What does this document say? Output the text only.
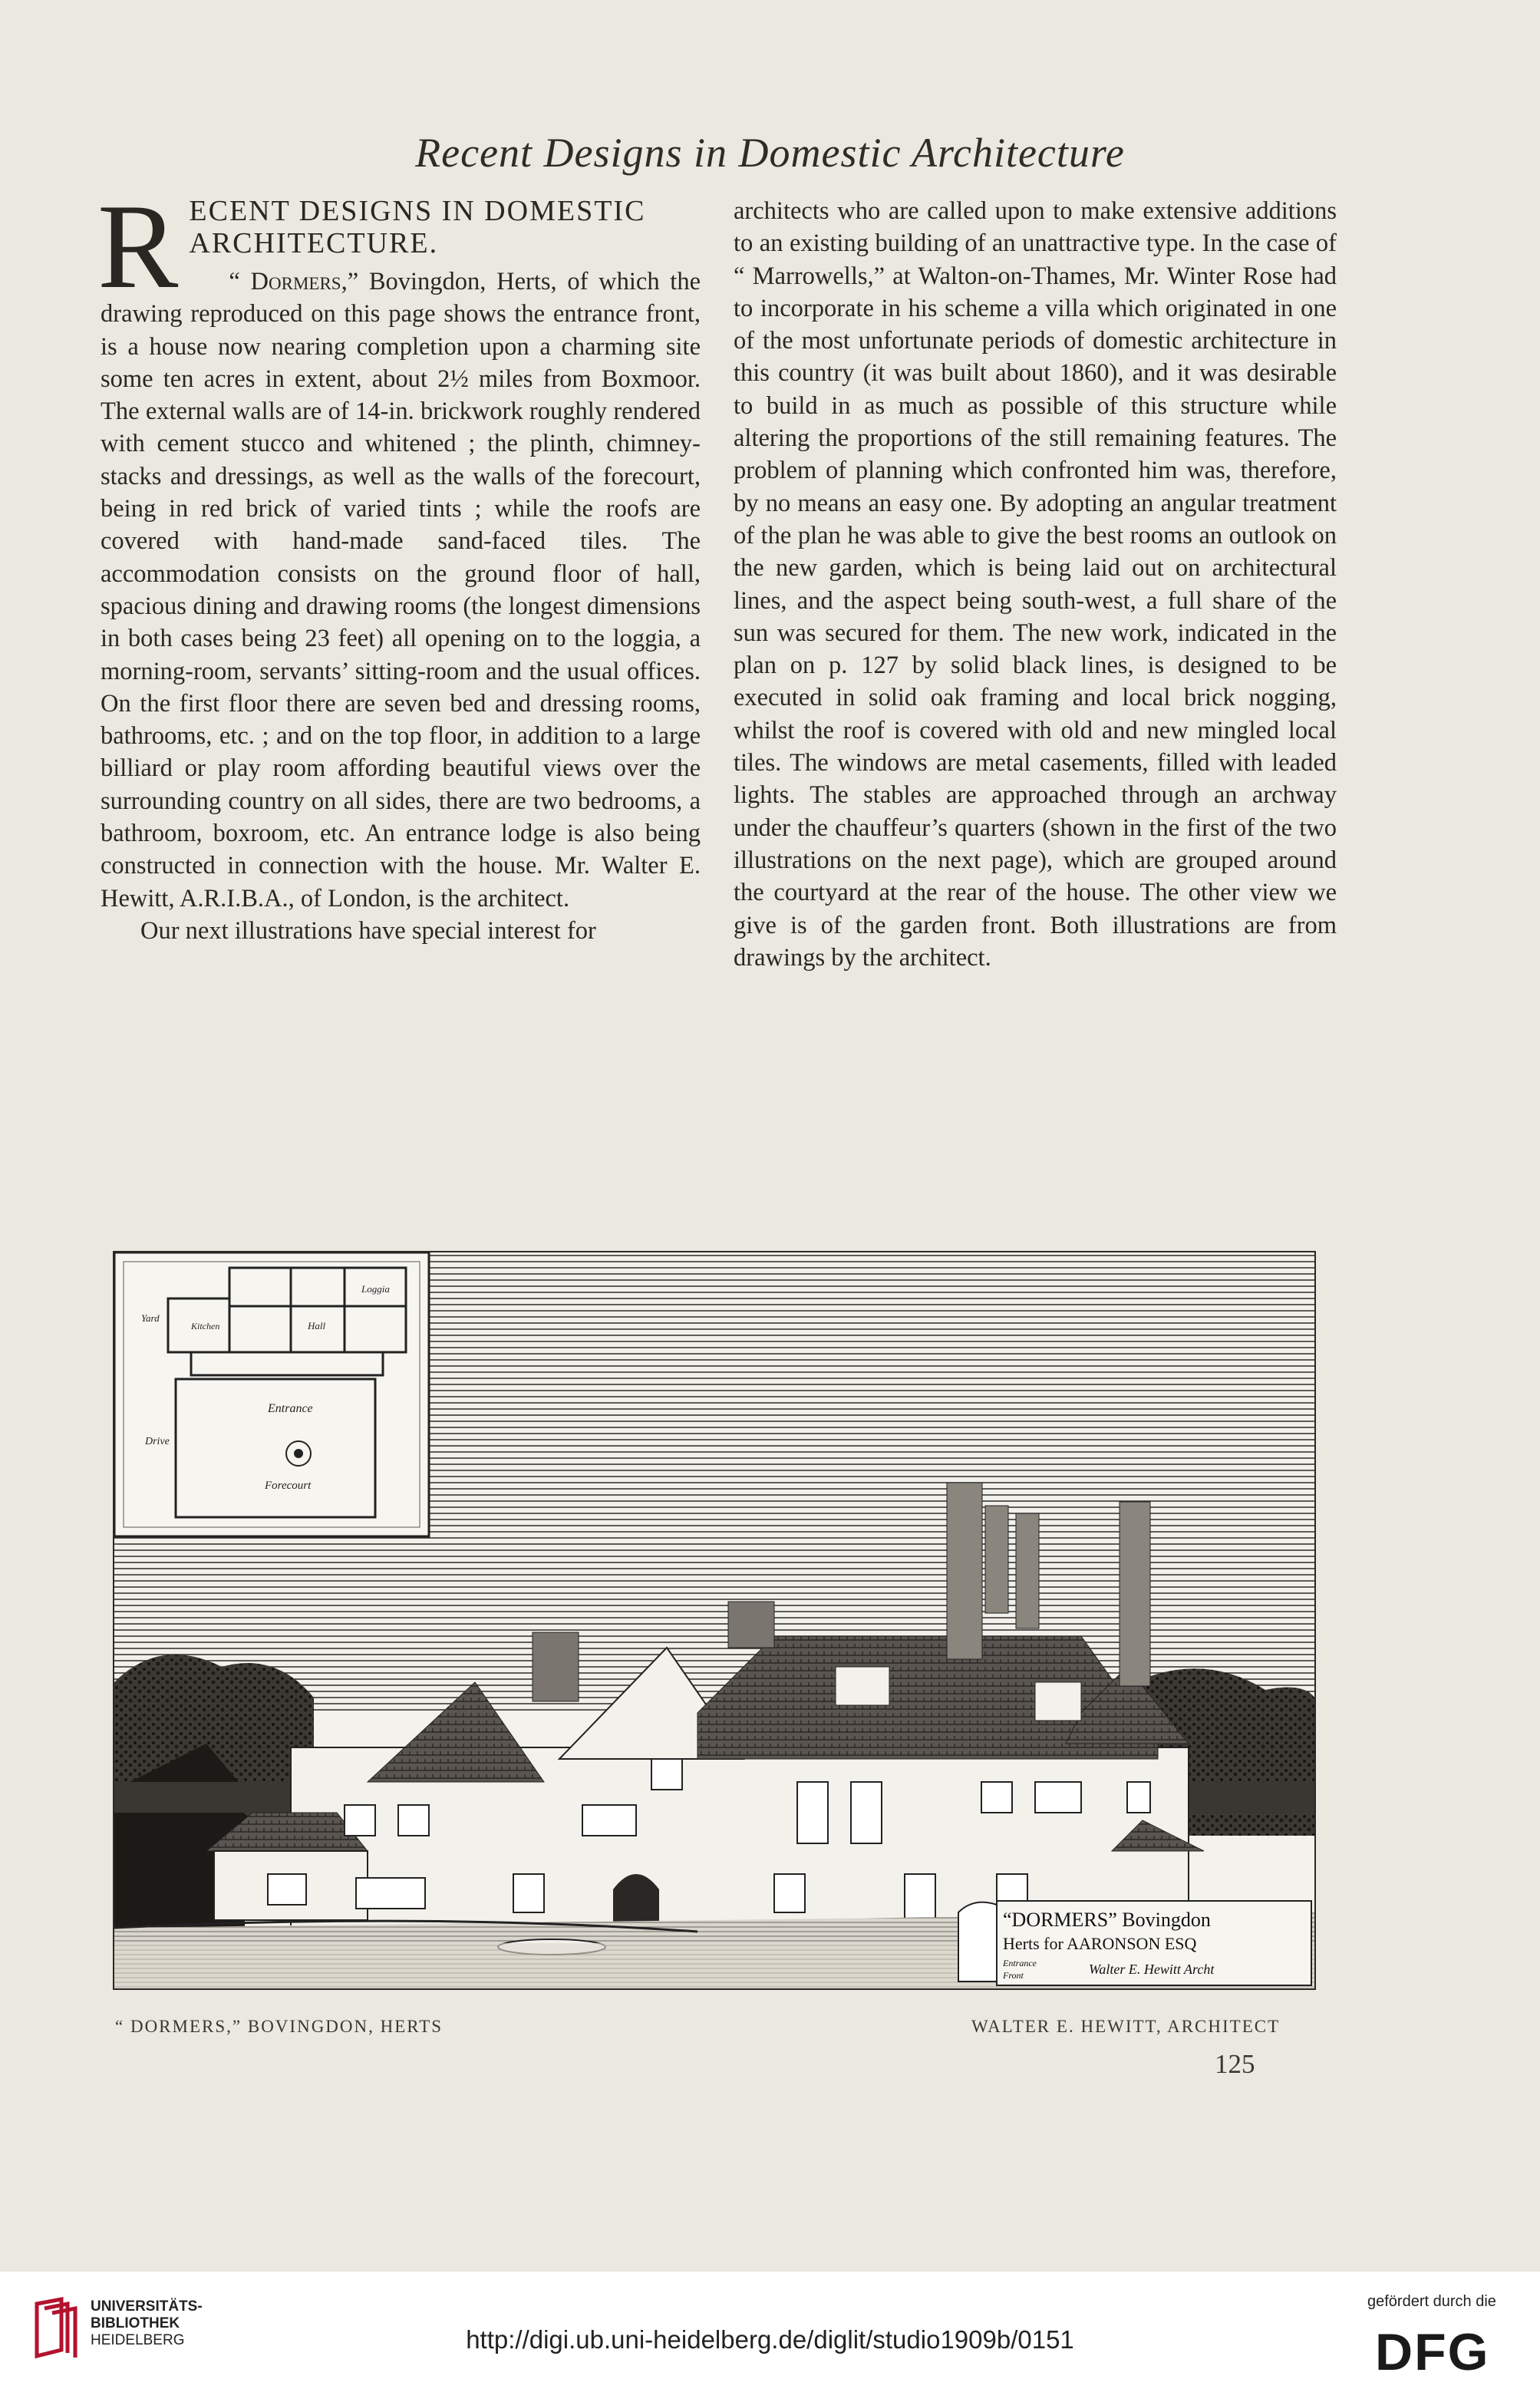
Recent Designs in Domestic Architecture

R ECENT DESIGNS IN DOMESTIC
ARCHITECTURE.
“ Dormers,” Bovingdon, Herts, of which the drawing reproduced on this page shows the entrance front, is a house now nearing completion upon a charming site some ten acres in extent, about 2½ miles from Boxmoor. The external walls are of 14-in. brickwork roughly rendered with cement stucco and whitened ; the plinth, chimney-stacks and dressings, as well as the walls of the forecourt, being in red brick of varied tints ; while the roofs are covered with hand-made sand-faced tiles. The accommodation consists on the ground floor of hall, spacious dining and drawing rooms (the longest dimensions in both cases being 23 feet) all opening on to the loggia, a morning-room, servants’ sitting-room and the usual offices. On the first floor there are seven bed and dressing rooms, bathrooms, etc. ; and on the top floor, in addition to a large billiard or play room affording beautiful views over the surrounding country on all sides, there are two bedrooms, a bathroom, boxroom, etc. An entrance lodge is also being constructed in connection with the house. Mr. Walter E. Hewitt, A.R.I.B.A., of London, is the architect.

Our next illustrations have special interest for

architects who are called upon to make extensive additions to an existing building of an unattractive type. In the case of “ Marrowells,” at Walton-on-Thames, Mr. Winter Rose had to incorporate in his scheme a villa which originated in one of the most unfortunate periods of domestic architecture in this country (it was built about 1860), and it was desirable to build in as much as possible of this structure while altering the proportions of the still remaining features. The problem of planning which confronted him was, therefore, by no means an easy one. By adopting an angular treatment of the plan he was able to give the best rooms an outlook on the new garden, which is being laid out on architectural lines, and the aspect being south-west, a full share of the sun was secured for them. The new work, indicated in the plan on p. 127 by solid black lines, is designed to be executed in solid oak framing and local brick nogging, whilst the roof is covered with old and new mingled local tiles. The windows are metal casements, filled with leaded lights. The stables are approached through an archway under the chauffeur’s quarters (shown in the first of the two illustrations on the next page), which are grouped around the courtyard at the rear of the house. The other view we give is of the garden front. Both illustrations are from drawings by the architect.

Loggia
Yard
Kitchen	Hall
Entrance
Drive
Forecourt
“DORMERS” Bovingdon
Herts for AARONSON ESQ
Entrance
Front	Walter E. Hewitt Archt
“ DORMERS,” BOVINGDON, HERTS	WALTER E. HEWITT, ARCHITECT
125
UNIVERSITÄTS-
BIBLIOTHEK
HEIDELBERG	http://digi.ub.uni-heidelberg.de/diglit/studio1909b/0151
gefördert durch die
DFG
